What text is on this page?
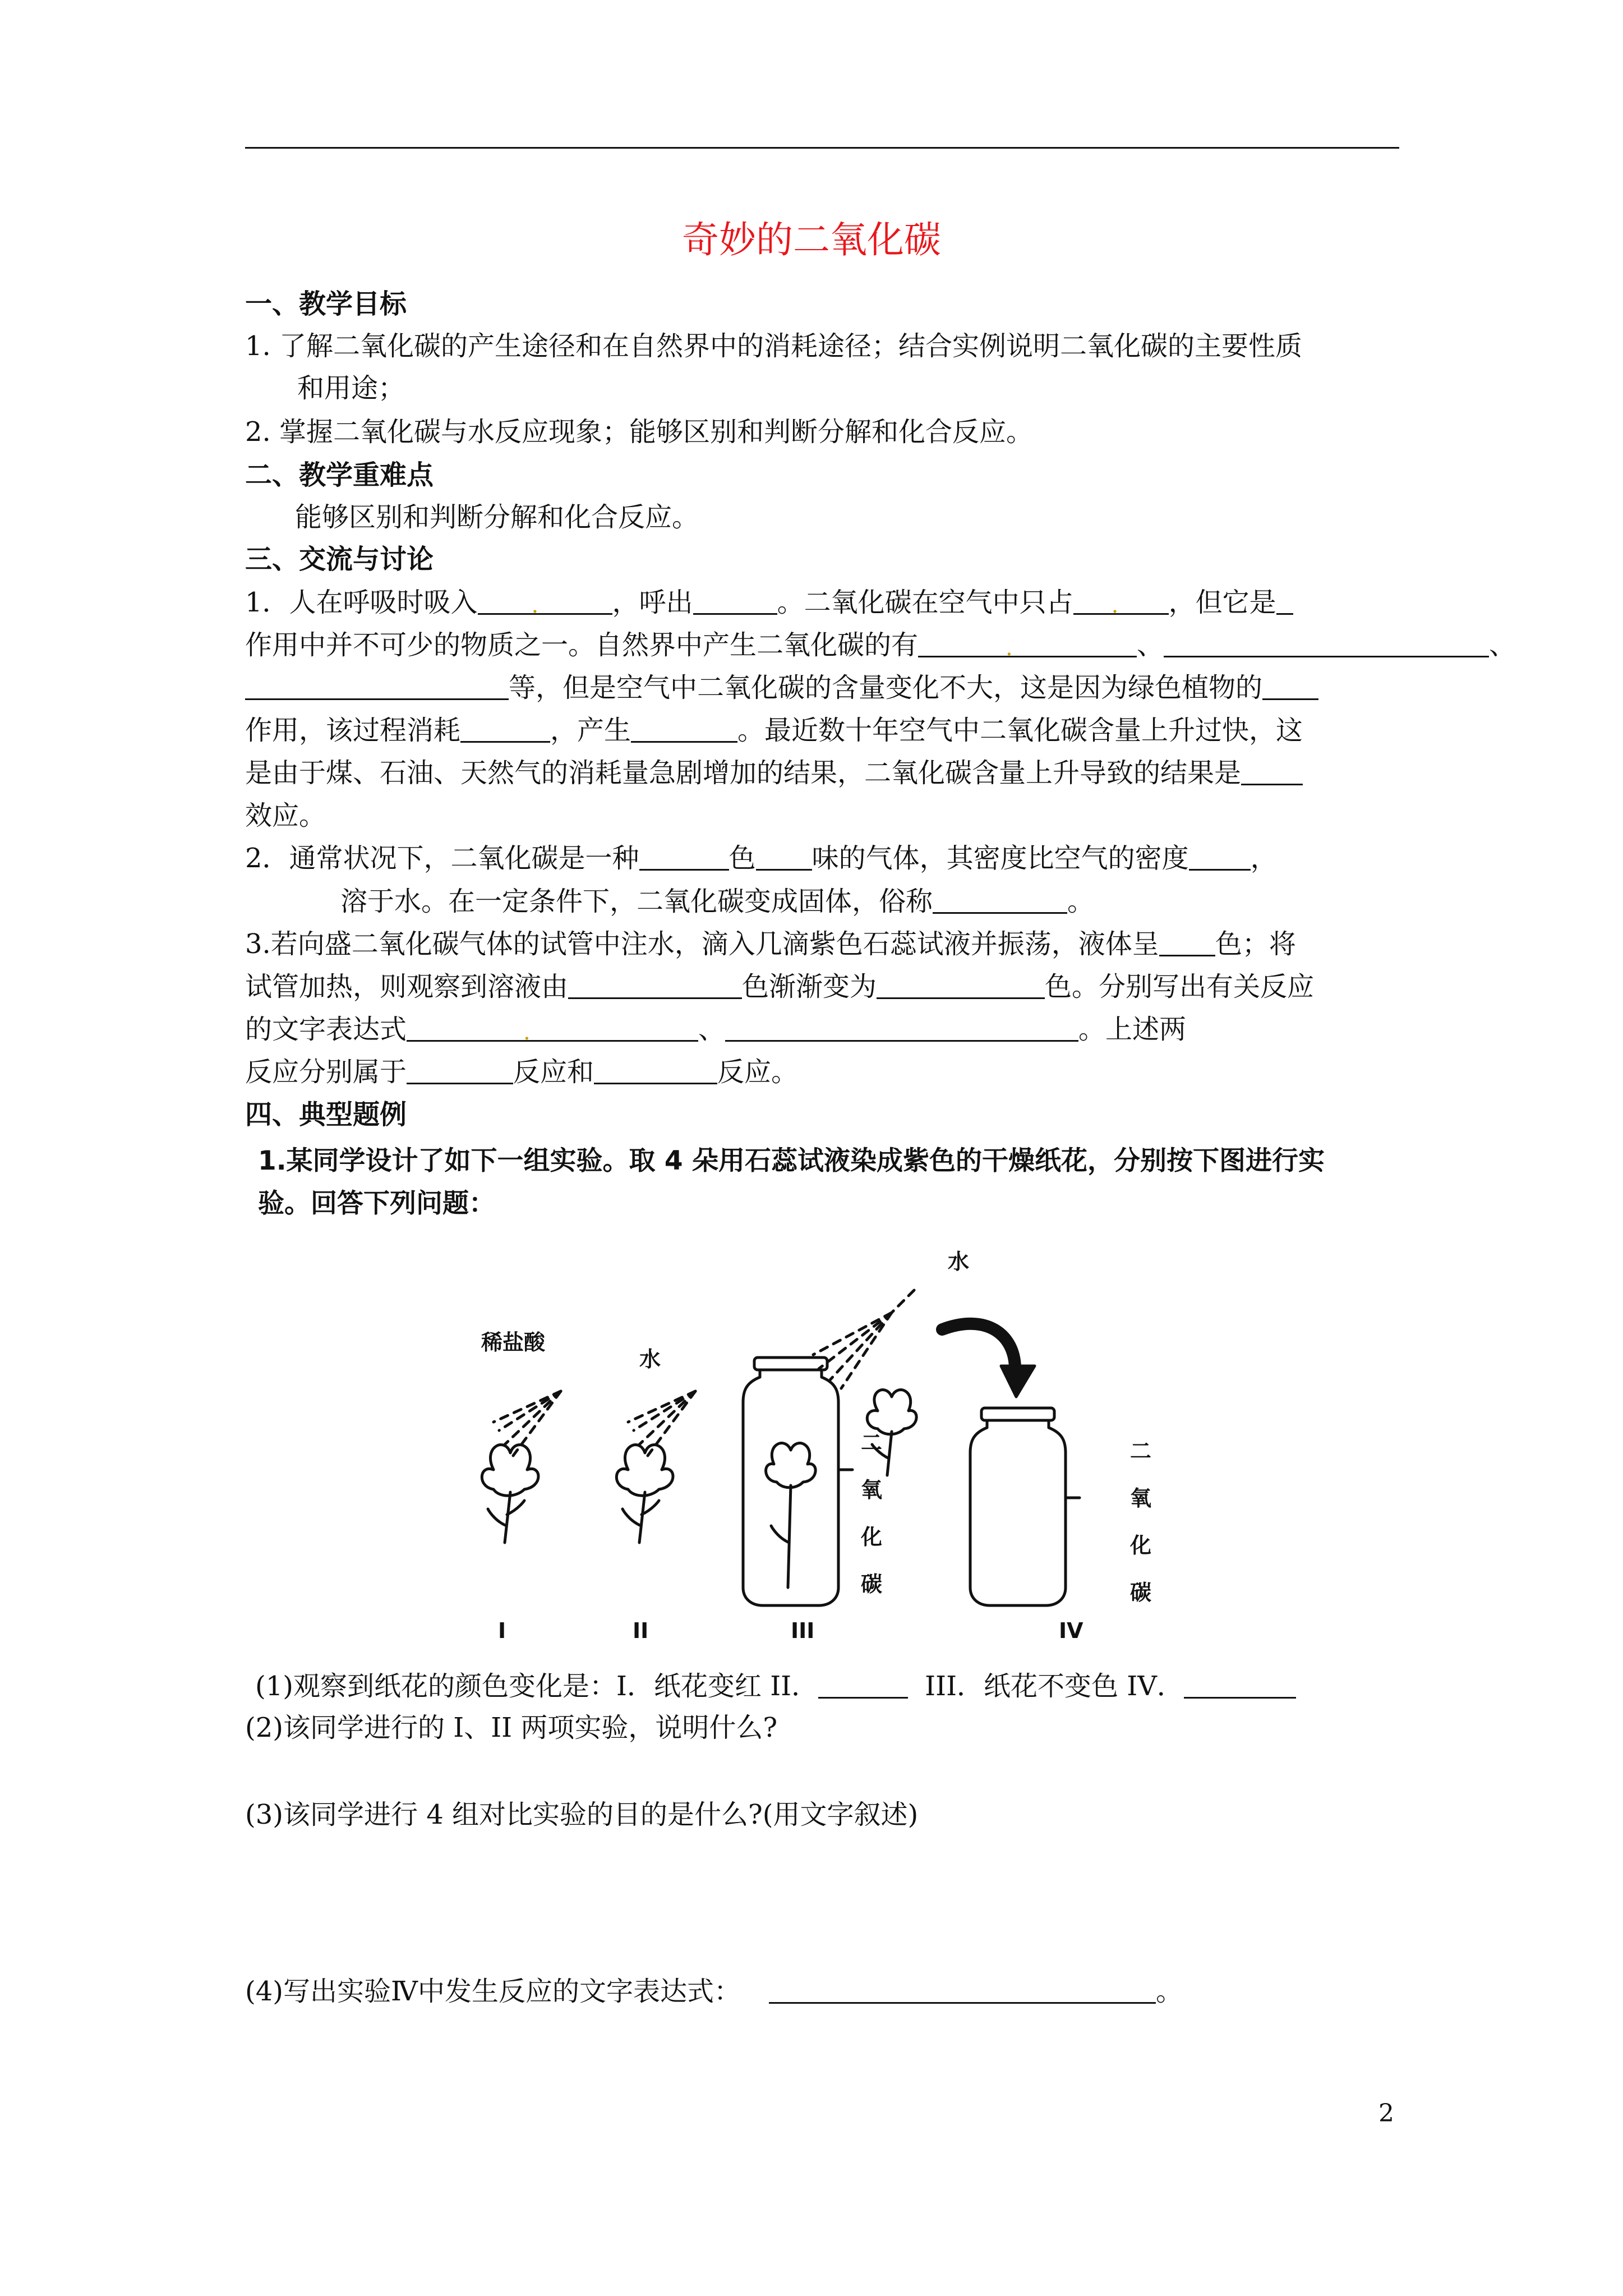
奇妙的二氧化碳
一、教学目标
1. 了解二氧化碳的产生途径和在自然界中的消耗途径；结合实例说明二氧化碳的主要性质
和用途；
2. 掌握二氧化碳与水反应现象；能够区别和判断分解和化合反应。
二、教学重难点
能够区别和判断分解和化合反应。
三、交流与讨论
1．人在呼吸时吸入 .	，呼出	。二氧化碳在空气中只占 .	，但它是
作用中并不可少的物质之一。自然界中产生二氧化碳的有 .	、	、
等，但是空气中二氧化碳的含量变化不大，这是因为绿色植物的
作用，该过程消耗	，产生	。最近数十年空气中二氧化碳含量上升过快，这
是由于煤、石油、天然气的消耗量急剧增加的结果，二氧化碳含量上升导致的结果是
效应。
2．通常状况下，二氧化碳是一种	色 味的气体，其密度比空气的密度 ，
溶于水。在一定条件下，二氧化碳变成固体，俗称	。
3.若向盛二氧化碳气体的试管中注水，滴入几滴紫色石蕊试液并振荡，液体呈 色；将
试管加热，则观察到溶液由	色渐渐变为	色。分别写出有关反应
的文字表达式 .	、	。上述两
反应分别属于	反应和	反应。
四、典型题例
1.某同学设计了如下一组实验。取 4 朵用石蕊试液染成紫色的干燥纸花，分别按下图进行实
验。回答下列问题：
稀盐酸
水
水
二氧化碳
二氧化碳
I	II	III	IV
(1)观察到纸花的颜色变化是：I．纸花变红 II．	III．纸花不变色 IV．
(2)该同学进行的 I、II 两项实验，说明什么?
(3)该同学进行 4 组对比实验的目的是什么?(用文字叙述)
(4)写出实验Ⅳ中发生反应的文字表达式：	。
2
